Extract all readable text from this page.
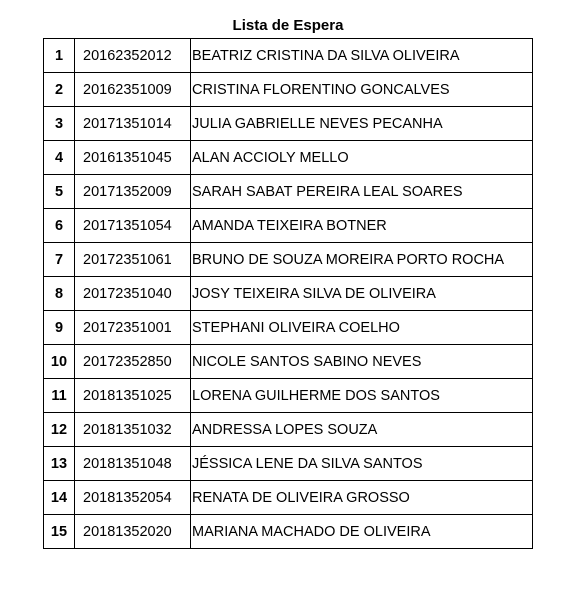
Lista de Espera
1	20162352012	BEATRIZ CRISTINA DA SILVA OLIVEIRA
2	20162351009	CRISTINA FLORENTINO GONCALVES
3	20171351014	JULIA GABRIELLE NEVES PECANHA
4	20161351045	ALAN ACCIOLY MELLO
5	20171352009	SARAH SABAT PEREIRA LEAL SOARES
6	20171351054	AMANDA TEIXEIRA BOTNER
7	20172351061	BRUNO DE SOUZA MOREIRA PORTO ROCHA
8	20172351040	JOSY TEIXEIRA SILVA DE OLIVEIRA
9	20172351001	STEPHANI OLIVEIRA COELHO
10	20172352850	NICOLE SANTOS SABINO NEVES
11	20181351025	LORENA GUILHERME DOS SANTOS
12	20181351032	ANDRESSA LOPES SOUZA
13	20181351048	JÉSSICA LENE DA SILVA SANTOS
14	20181352054	RENATA DE OLIVEIRA GROSSO
15	20181352020	MARIANA MACHADO DE OLIVEIRA
